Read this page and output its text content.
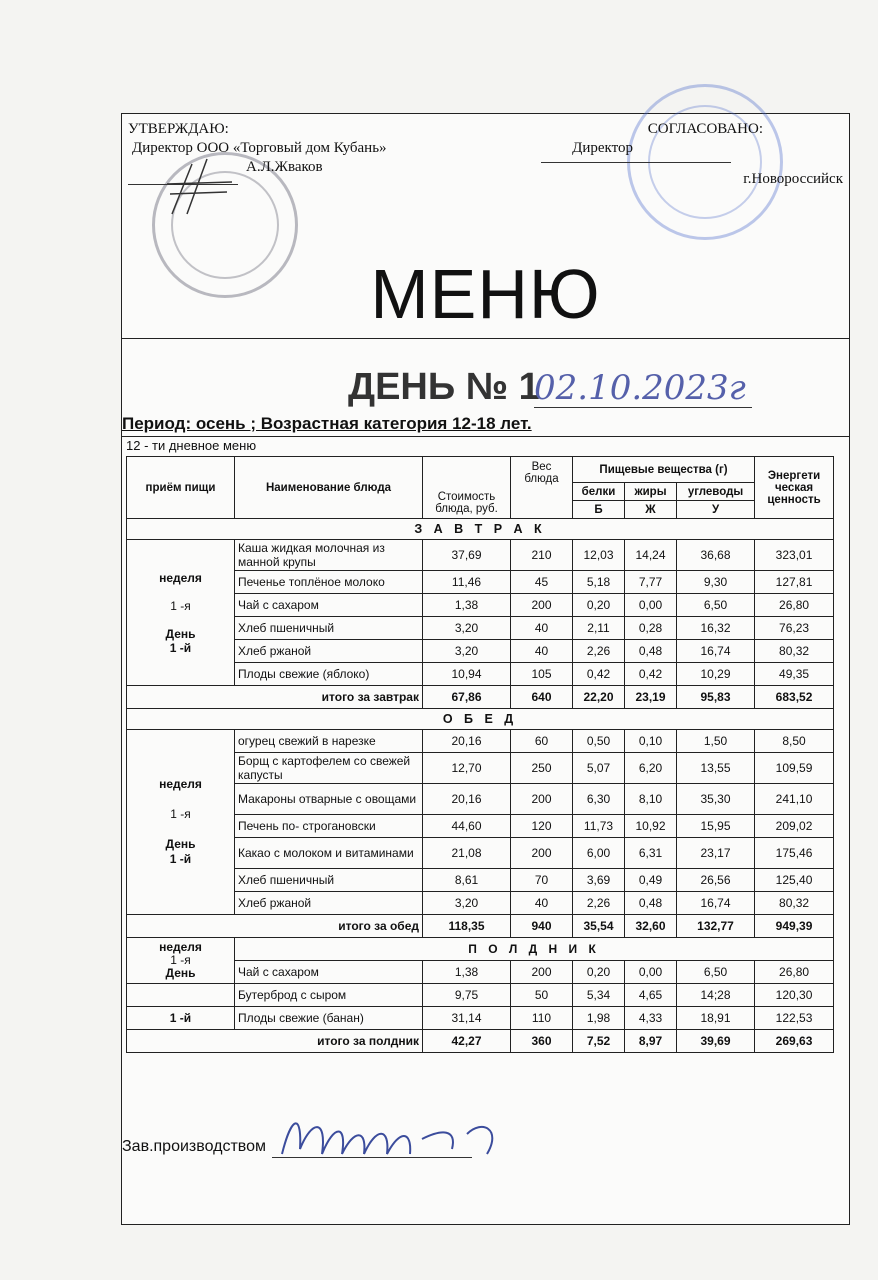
УТВЕРЖДАЮ:
Директор ООО «Торговый дом Кубань»
А.Л.Жваков
СОГЛАСОВАНО:
Директор
г.Новороссийск
МЕНЮ
ДЕНЬ № 1
02.10.2023г
Период: осень ; Возрастная категория 12-18 лет.
12 - ти дневное меню
приём пищи	Наименование блюда	Стоимость блюда, руб.	Вес блюда	Пищевые вещества (г)			Энергети ческая ценность
				белки	жиры	углеводы	
				Б	Ж	У	
З А В Т Р А К							

неделя

1 -я

День
1 -й	Каша жидкая молочная из манной крупы	37,69	210	12,03	14,24	36,68	323,01
	Печенье топлёное молоко	11,46	45	5,18	7,77	9,30	127,81
	Чай с сахаром	1,38	200	0,20	0,00	6,50	26,80
	Хлеб пшеничный	3,20	40	2,11	0,28	16,32	76,23
	Хлеб ржаной	3,20	40	2,26	0,48	16,74	80,32
	Плоды свежие (яблоко)	10,94	105	0,42	0,42	10,29	49,35
итого за завтрак		67,86	640	22,20	23,19	95,83	683,52
О Б Е Д							

неделя

1 -я

День
1 -й	огурец свежий в нарезке	20,16	60	0,50	0,10	1,50	8,50
	Борщ с картофелем со свежей капусты	12,70	250	5,07	6,20	13,55	109,59
	Макароны отварные с овощами	20,16	200	6,30	8,10	35,30	241,10
	Печень по- строгановски	44,60	120	11,73	10,92	15,95	209,02
	Какао с молоком и витаминами	21,08	200	6,00	6,31	23,17	175,46
	Хлеб пшеничный	8,61	70	3,69	0,49	26,56	125,40
	Хлеб ржаной	3,20	40	2,26	0,48	16,74	80,32
итого за обед		118,35	940	35,54	32,60	132,77	949,39

неделя
1 -я
День	П О Л Д Н И К						
	Чай с сахаром	1,38	200	0,20	0,00	6,50	26,80
	Бутерброд с сыром	9,75	50	5,34	4,65	14;28	120,30
1 -й	Плоды свежие (банан)	31,14	110	1,98	4,33	18,91	122,53
итого за полдник		42,27	360	7,52	8,97	39,69	269,63
Зав.производством
